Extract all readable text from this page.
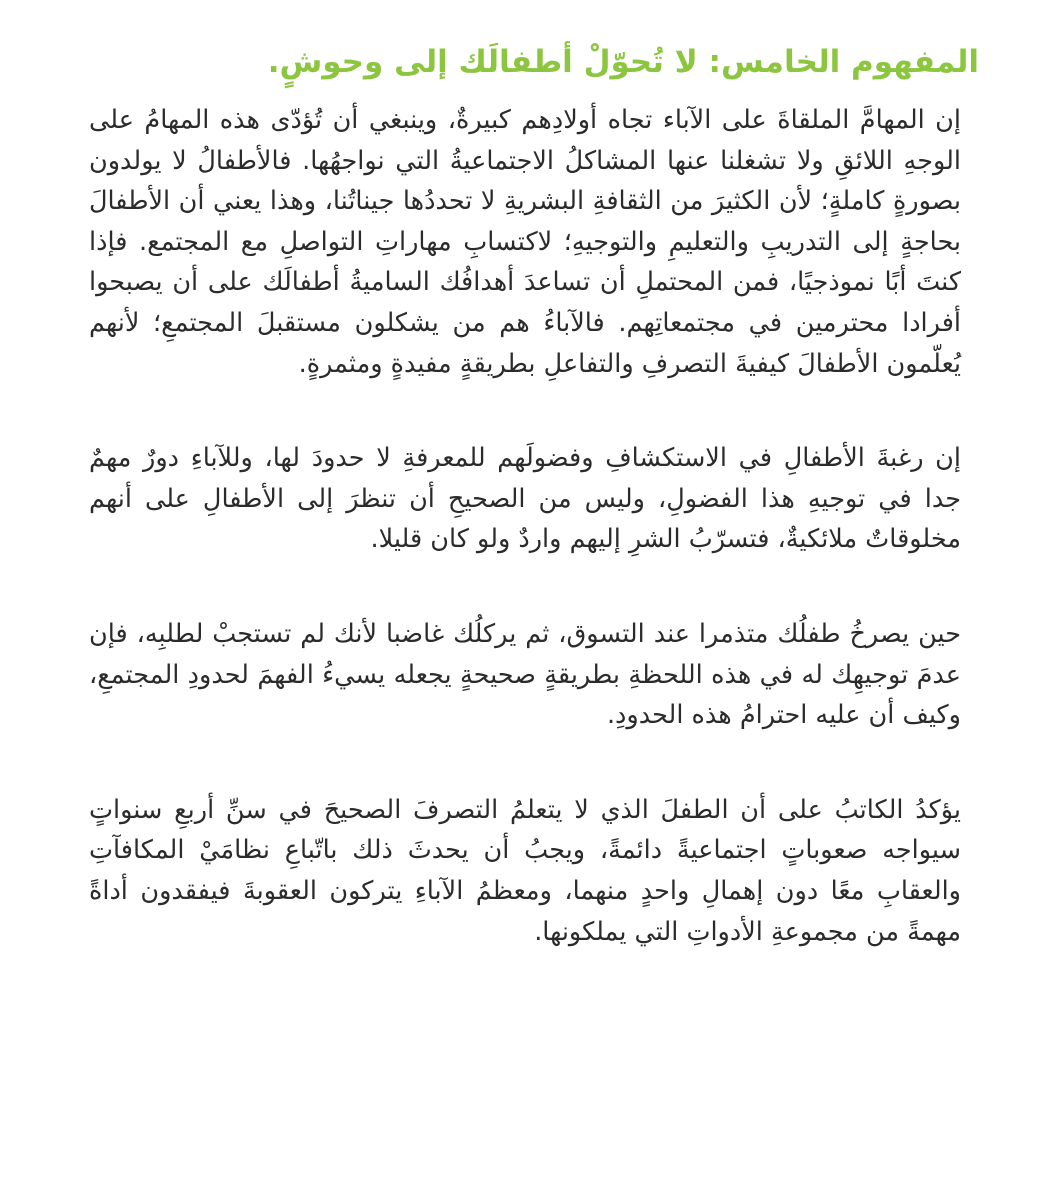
المفهوم الخامس: لا تُحوّلْ أطفالَك إلى وحوشٍ.

إن المهامَّ الملقاةَ على الآباء تجاه أولادِهم كبيرةٌ، وينبغي أن تُؤدّى هذه المهامُ على الوجهِ اللائقِ ولا تشغلنا عنها المشاكلُ الاجتماعيةُ التي نواجهُها. فالأطفالُ لا يولدون بصورةٍ كاملةٍ؛ لأن الكثيرَ من الثقافةِ البشريةِ لا تحددُها جيناتُنا، وهذا يعني أن الأطفالَ بحاجةٍ إلى التدريبِ والتعليمِ والتوجيهِ؛ لاكتسابِ مهاراتِ التواصلِ مع المجتمع. فإذا كنتَ أبًا نموذجيًا، فمن المحتملِ أن تساعدَ أهدافُك الساميةُ أطفالَك على أن يصبحوا أفرادا محترمين في مجتمعاتِهم. فالآباءُ هم من يشكلون مستقبلَ المجتمعِ؛ لأنهم يُعلّمون الأطفالَ كيفيةَ التصرفِ والتفاعلِ بطريقةٍ مفيدةٍ ومثمرةٍ.

إن رغبةَ الأطفالِ في الاستكشافِ وفضولَهم للمعرفةِ لا حدودَ لها، وللآباءِ دورٌ مهمٌ جدا في توجيهِ هذا الفضولِ، وليس من الصحيحِ أن تنظرَ إلى الأطفالِ على أنهم مخلوقاتٌ ملائكيةٌ، فتسرّبُ الشرِ إليهم واردٌ ولو كان قليلا.

حين يصرخُ طفلُك متذمرا عند التسوق، ثم يركلُك غاضبا لأنك لم تستجبْ لطلبِه، فإن عدمَ توجيهِك له في هذه اللحظةِ بطريقةٍ صحيحةٍ يجعله يسيءُ الفهمَ لحدودِ المجتمعِ، وكيف أن عليه احترامُ هذه الحدودِ.

يؤكدُ الكاتبُ على أن الطفلَ الذي لا يتعلمُ التصرفَ الصحيحَ في سنِّ أربعِ سنواتٍ سيواجه صعوباتٍ اجتماعيةً دائمةً، ويجبُ أن يحدثَ ذلك باتّباعِ نظامَيْ المكافآتِ والعقابِ معًا دون إهمالِ واحدٍ منهما، ومعظمُ الآباءِ يتركون العقوبةَ فيفقدون أداةً مهمةً من مجموعةِ الأدواتِ التي يملكونها.
